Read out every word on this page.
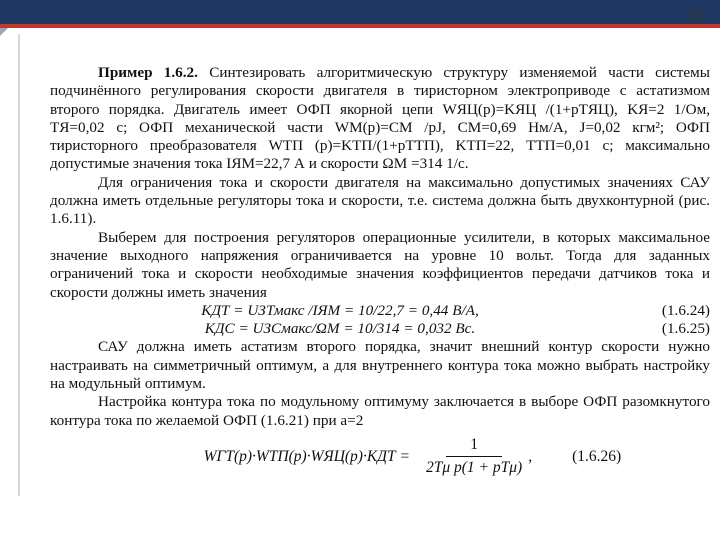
35

Пример 1.6.2. Синтезировать алгоритмическую структуру изменяемой части системы подчинённого регулирования скорости двигателя в тиристорном электроприводе с астатизмом второго порядка. Двигатель имеет ОФП якорной цепи WЯЦ(p)=KЯЦ /(1+pTЯЦ), KЯ=2 1/Ом, TЯ=0,02 с; ОФП механической части WM(p)=CM /pJ, CM=0,69 Нм/А, J=0,02 кгм²; ОФП тиристорного преобразователя WТП (p)=KТП/(1+pTТП), KТП=22, TТП=0,01 с; максимально допустимые значения тока IЯМ=22,7 А и скорости ΩМ =314 1/с.

Для ограничения тока и скорости двигателя на максимально допустимых значениях САУ должна иметь отдельные регуляторы тока и скорости, т.е. система должна быть двухконтурной (рис. 1.6.11).

Выберем для построения регуляторов операционные усилители, в которых максимальное значение выходного напряжения ограничивается на уровне 10 вольт. Тогда для заданных ограничений тока и скорости необходимые значения коэффициентов передачи датчиков тока и скорости должны иметь значения

KДТ = UЗТмакс /IЯМ = 10/22,7 = 0,44 В/А,	(1.6.24)
KДС = UЗСмакс/ΩМ = 10/314 = 0,032 Вс.	(1.6.25)

САУ должна иметь астатизм второго порядка, значит внешний контур скорости нужно настраивать на симметричный оптимум, а для внутреннего контура тока можно выбрать настройку на модульный оптимум.

Настройка контура тока по модульному оптимуму заключается в выборе ОФП разомкнутого контура тока по желаемой ОФП (1.6.21) при a=2

WГТ(p)·WТП(p)·WЯЦ(p)·KДТ =	$\frac{1}{\text{2Tμ p(1 + pTμ)}}$ ,	(1.6.26)
